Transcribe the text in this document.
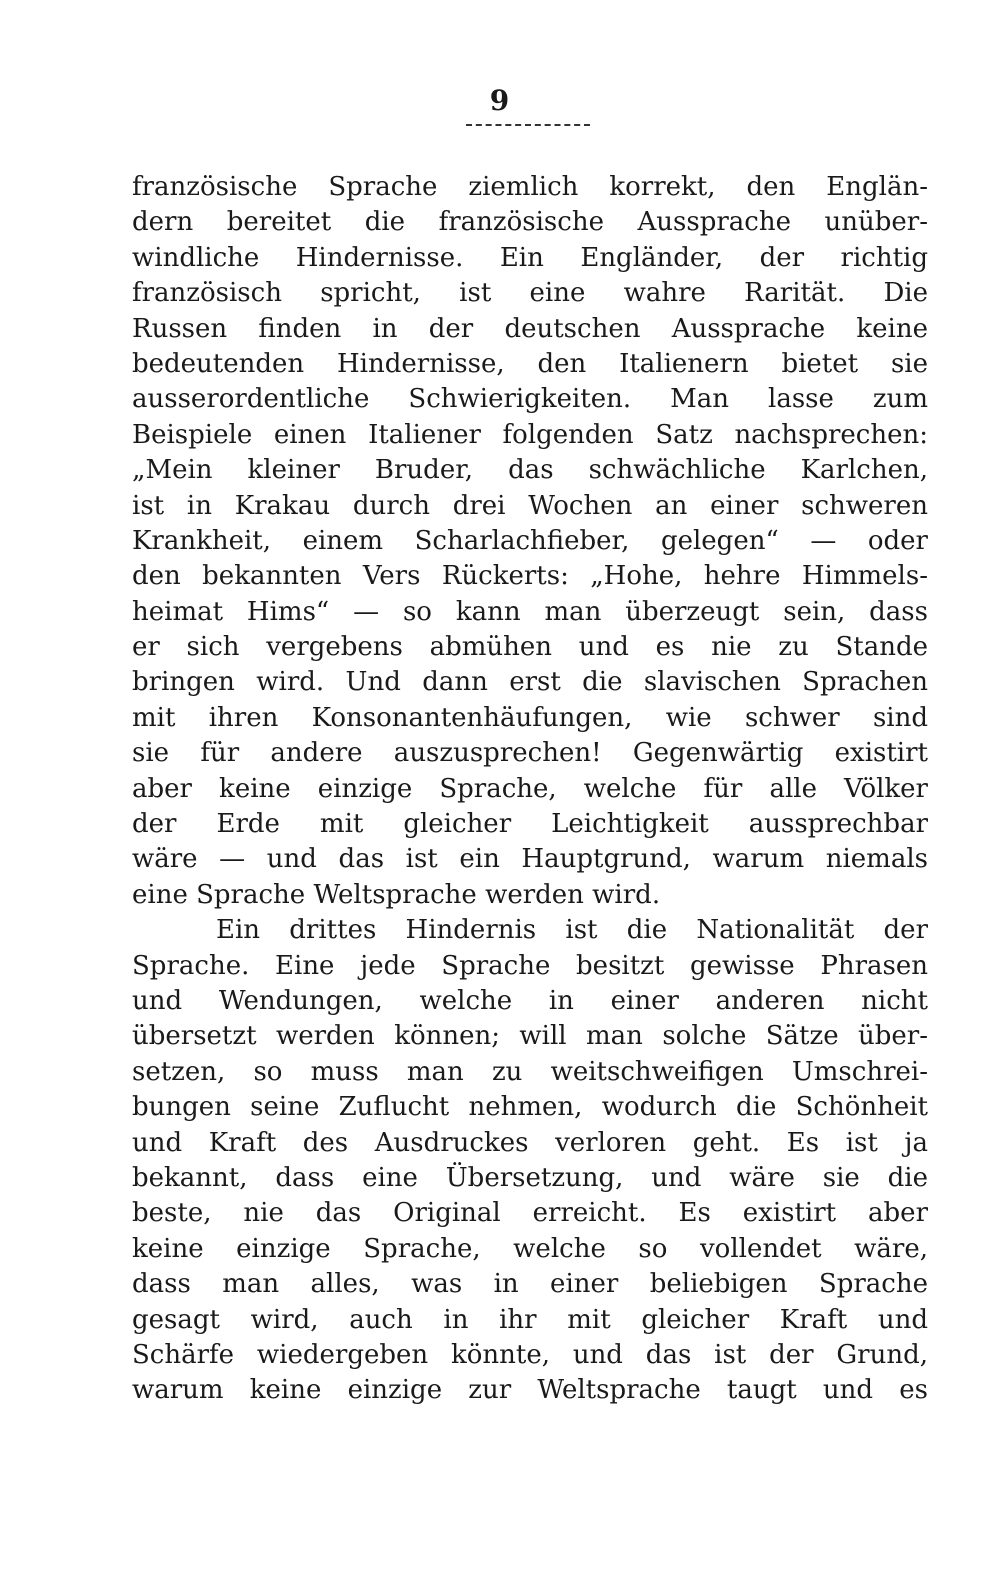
9
französische Sprache ziemlich korrekt, den Englän-
dern bereitet die französische Aussprache unüber-
windliche Hindernisse. Ein Engländer, der richtig
französisch spricht, ist eine wahre Rarität. Die
Russen finden in der deutschen Aussprache keine
bedeutenden Hindernisse, den Italienern bietet sie
ausserordentliche Schwierigkeiten. Man lasse zum
Beispiele einen Italiener folgenden Satz nachsprechen:
„Mein kleiner Bruder, das schwächliche Karlchen,
ist in Krakau durch drei Wochen an einer schweren
Krankheit, einem Scharlachfieber, gelegen“ — oder
den bekannten Vers Rückerts: „Hohe, hehre Himmels-
heimat Hims“ — so kann man überzeugt sein, dass
er sich vergebens abmühen und es nie zu Stande
bringen wird. Und dann erst die slavischen Sprachen
mit ihren Konsonantenhäufungen, wie schwer sind
sie für andere auszusprechen! Gegenwärtig existirt
aber keine einzige Sprache, welche für alle Völker
der Erde mit gleicher Leichtigkeit aussprechbar
wäre — und das ist ein Hauptgrund, warum niemals
eine Sprache Weltsprache werden wird.
Ein drittes Hindernis ist die Nationalität der
Sprache. Eine jede Sprache besitzt gewisse Phrasen
und Wendungen, welche in einer anderen nicht
übersetzt werden können; will man solche Sätze über-
setzen, so muss man zu weitschweifigen Umschrei-
bungen seine Zuflucht nehmen, wodurch die Schönheit
und Kraft des Ausdruckes verloren geht. Es ist ja
bekannt, dass eine Übersetzung, und wäre sie die
beste, nie das Original erreicht. Es existirt aber
keine einzige Sprache, welche so vollendet wäre,
dass man alles, was in einer beliebigen Sprache
gesagt wird, auch in ihr mit gleicher Kraft und
Schärfe wiedergeben könnte, und das ist der Grund,
warum keine einzige zur Weltsprache taugt und es
